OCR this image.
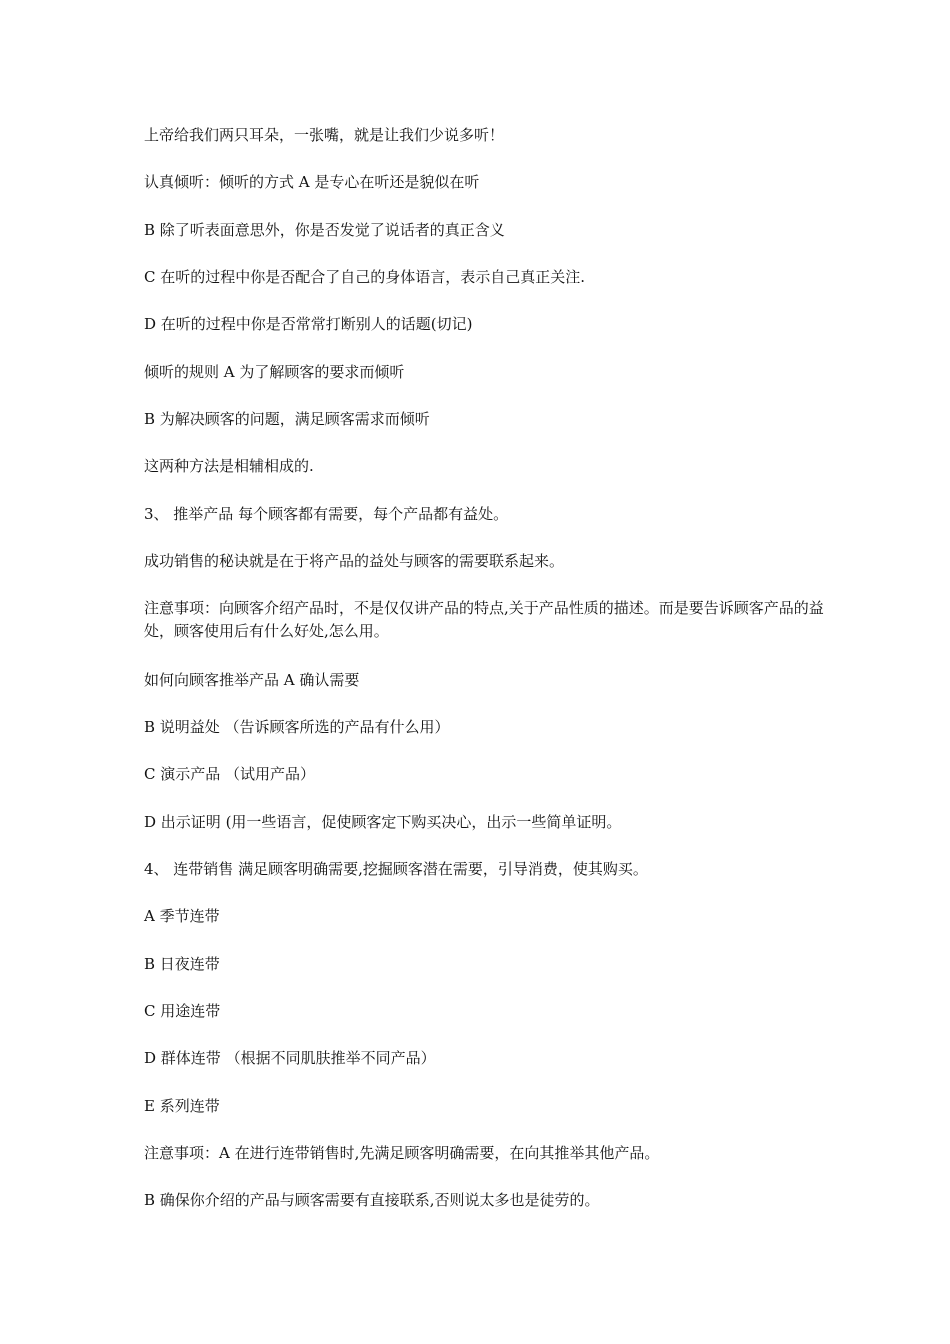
上帝给我们两只耳朵，一张嘴，就是让我们少说多听！

认真倾听：倾听的方式 A 是专心在听还是貌似在听

B 除了听表面意思外，你是否发觉了说话者的真正含义

C 在听的过程中你是否配合了自己的身体语言，表示自己真正关注.

D 在听的过程中你是否常常打断别人的话题(切记)

倾听的规则 A 为了解顾客的要求而倾听

B 为解决顾客的问题，满足顾客需求而倾听

这两种方法是相辅相成的.

3、 推举产品 每个顾客都有需要，每个产品都有益处。

成功销售的秘诀就是在于将产品的益处与顾客的需要联系起来。

注意事项：向顾客介绍产品时，不是仅仅讲产品的特点,关于产品性质的描述。而是要告诉顾客产品的益处，顾客使用后有什么好处,怎么用。

如何向顾客推举产品 A 确认需要

B 说明益处 （告诉顾客所选的产品有什么用）

C 演示产品 （试用产品）

D 出示证明 (用一些语言，促使顾客定下购买决心，出示一些简单证明。

4、 连带销售 满足顾客明确需要,挖掘顾客潜在需要，引导消费，使其购买。

A 季节连带

B 日夜连带

C 用途连带

D 群体连带 （根据不同肌肤推举不同产品）

E 系列连带

注意事项：A 在进行连带销售时,先满足顾客明确需要，在向其推举其他产品。

B 确保你介绍的产品与顾客需要有直接联系,否则说太多也是徒劳的。
